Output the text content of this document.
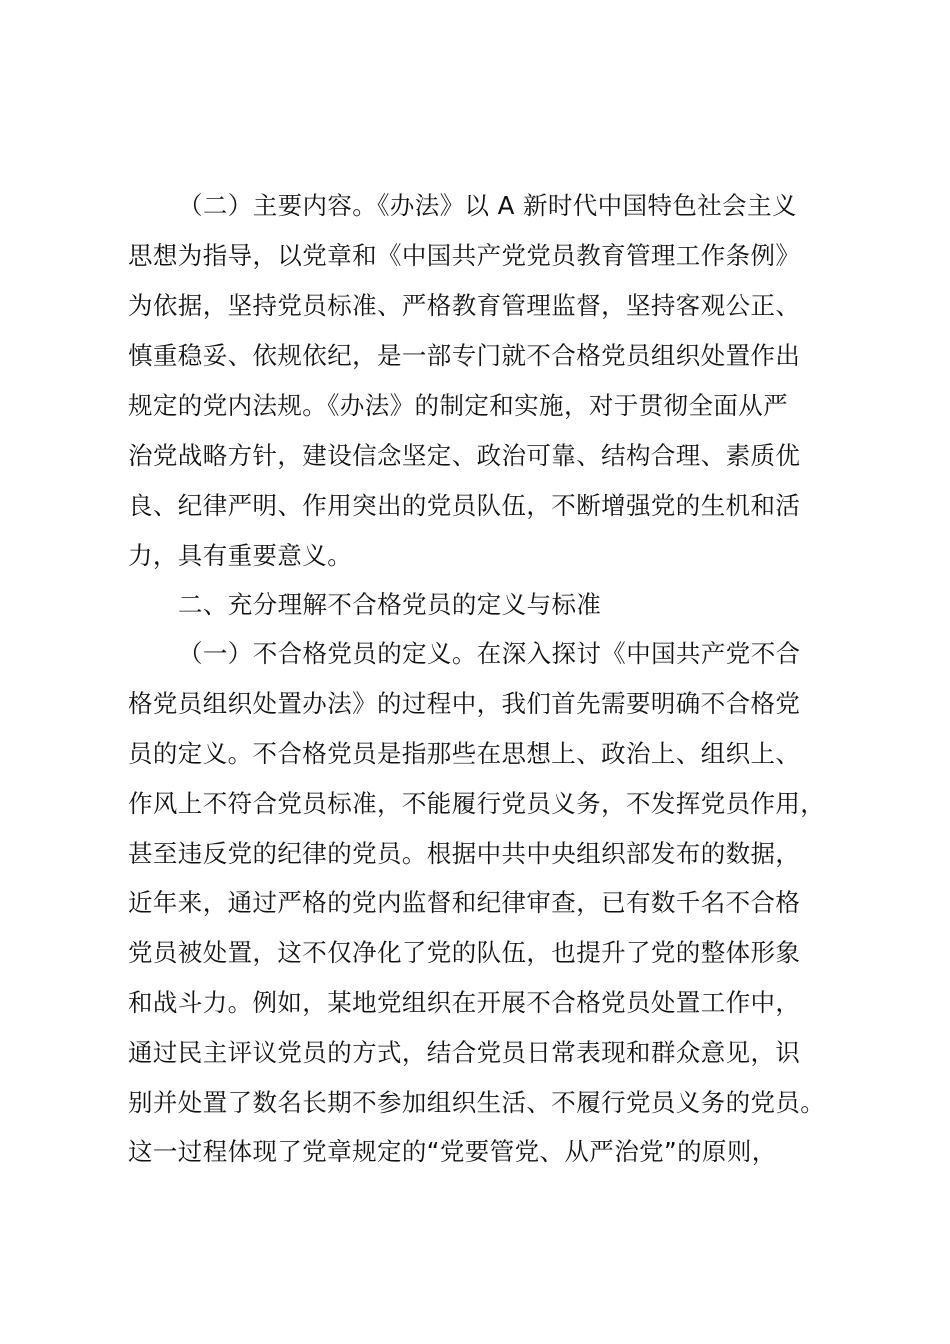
（二）主要内容。《办法》以 A 新时代中国特色社会主义
思想为指导，以党章和《中国共产党党员教育管理工作条例》
为依据，坚持党员标准、严格教育管理监督，坚持客观公正、
慎重稳妥、依规依纪，是一部专门就不合格党员组织处置作出
规定的党内法规。《办法》的制定和实施，对于贯彻全面从严
治党战略方针，建设信念坚定、政治可靠、结构合理、素质优
良、纪律严明、作用突出的党员队伍，不断增强党的生机和活
力，具有重要意义。
二、充分理解不合格党员的定义与标准
（一）不合格党员的定义。在深入探讨《中国共产党不合
格党员组织处置办法》的过程中，我们首先需要明确不合格党
员的定义。不合格党员是指那些在思想上、政治上、组织上、
作风上不符合党员标准，不能履行党员义务，不发挥党员作用，
甚至违反党的纪律的党员。根据中共中央组织部发布的数据，
近年来，通过严格的党内监督和纪律审查，已有数千名不合格
党员被处置，这不仅净化了党的队伍，也提升了党的整体形象
和战斗力。例如，某地党组织在开展不合格党员处置工作中，
通过民主评议党员的方式，结合党员日常表现和群众意见，识
别并处置了数名长期不参加组织生活、不履行党员义务的党员。
这一过程体现了党章规定的“党要管党、从严治党”的原则，
